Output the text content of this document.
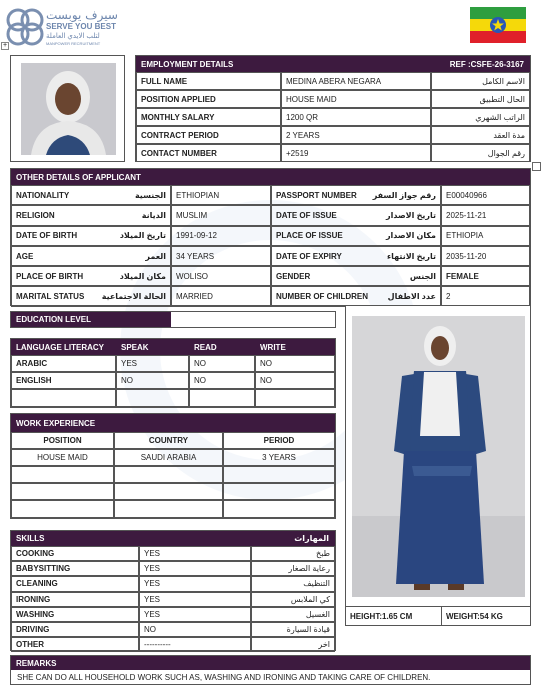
+
سيرف يوبست
SERVE YOU BEST
لتلب الايدي العاملة
MANPOWER RECRUITMENT
EMPLOYMENT DETAILS	REF :CSFE-26-3167
FULL NAME	MEDINA ABERA NEGARA	الاسم الكامل
POSITION APPLIED	HOUSE MAID	الحال التطبيق
MONTHLY SALARY	1200 QR	الراتب الشهري
CONTRACT PERIOD	2 YEARS	مدة العقد
CONTACT NUMBER	+2519	رقم الجوال
OTHER DETAILS OF APPLICANT
NATIONALITY	الجنسية	ETHIOPIAN	PASSPORT NUMBER رقم جواز السفر	E00040966
RELIGION	الديانة	MUSLIM	DATE OF ISSUE	تاريخ الاصدار	2025-11-21
DATE OF BIRTH	تاريخ الميلاد	1991-09-12	PLACE OF ISSUE	مكان الاصدار	ETHIOPIA
AGE	العمر	34 YEARS	DATE OF EXPIRY	تاريخ الانتهاء	2035-11-20
PLACE OF BIRTH	مكان الميلاد	WOLISO	GENDER	الجنس	FEMALE
MARITAL STATUS الحالة الاجتماعية	MARRIED	NUMBER OF CHILDREN عدد الاطفال	2
EDUCATION LEVEL
LANGUAGE LITERACY	SPEAK	READ	WRITE
ARABIC	YES	NO	NO
ENGLISH	NO	NO	NO
WORK EXPERIENCE
POSITION	COUNTRY	PERIOD
HOUSE MAID	SAUDI ARABIA	3 YEARS
SKILLS	المهارات
COOKING	YES	طبخ
BABYSITTING	YES	رعاية الصغار
CLEANING	YES	التنظيف
IRONING	YES	كي الملابس
WASHING	YES	الغسيل
DRIVING	NO	قيادة السيارة
OTHER	----------	اخر
HEIGHT:1.65 CM	WEIGHT:54 KG
REMARKS
SHE CAN DO ALL HOUSEHOLD WORK SUCH AS, WASHING AND IRONING AND TAKING CARE OF CHILDREN.
